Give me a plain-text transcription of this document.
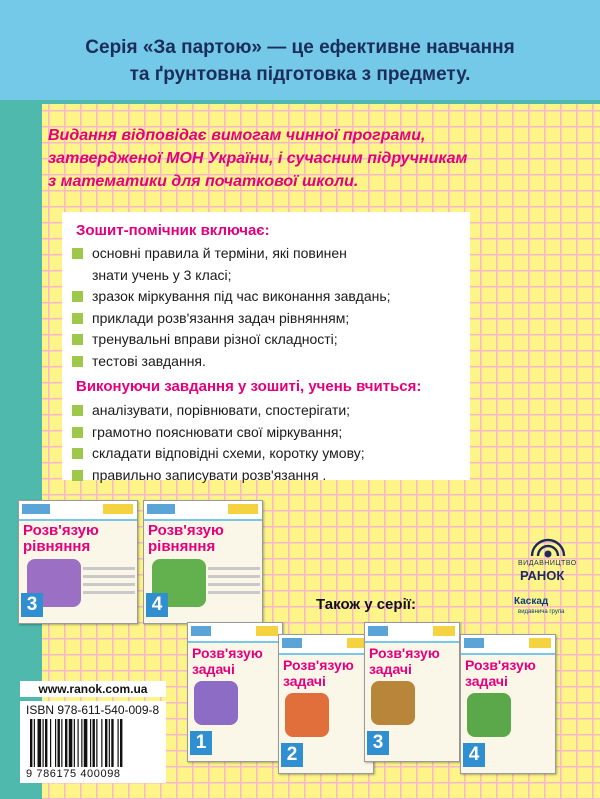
Серія «За партою» — це ефективне навчання
та ґрунтовна підготовка з предмету.
Видання відповідає вимогам чинної програми,
затвердженої МОН України, і сучасним підручникам
з математики для початкової школи.
Зошит-помічник включає:
основні правила й терміни, які повинен
знати учень у 3 класі;
зразок міркування під час виконання завдань;
приклади розв'язання задач рівнянням;
тренувальні вправи різної складності;
тестові завдання.
Виконуючи завдання у зошиті, учень вчиться:
аналізувати, порівнювати, спостерігати;
грамотно пояснювати свої міркування;
складати відповідні схеми, коротку умову;
правильно записувати розв'язання .
Розв'язую
рівняння
3
Розв'язую
рівняння
4	Також у серії:
Розв'язую
задачі
1
Розв'язую
задачі
2
Розв'язую
задачі
3
Розв'язую
задачі
4
ВИДАВНИЦТВО
РАНОК
Каскад
видавнича група
www.ranok.com.ua
ISBN 978-611-540-009-8
9 786175 400098
